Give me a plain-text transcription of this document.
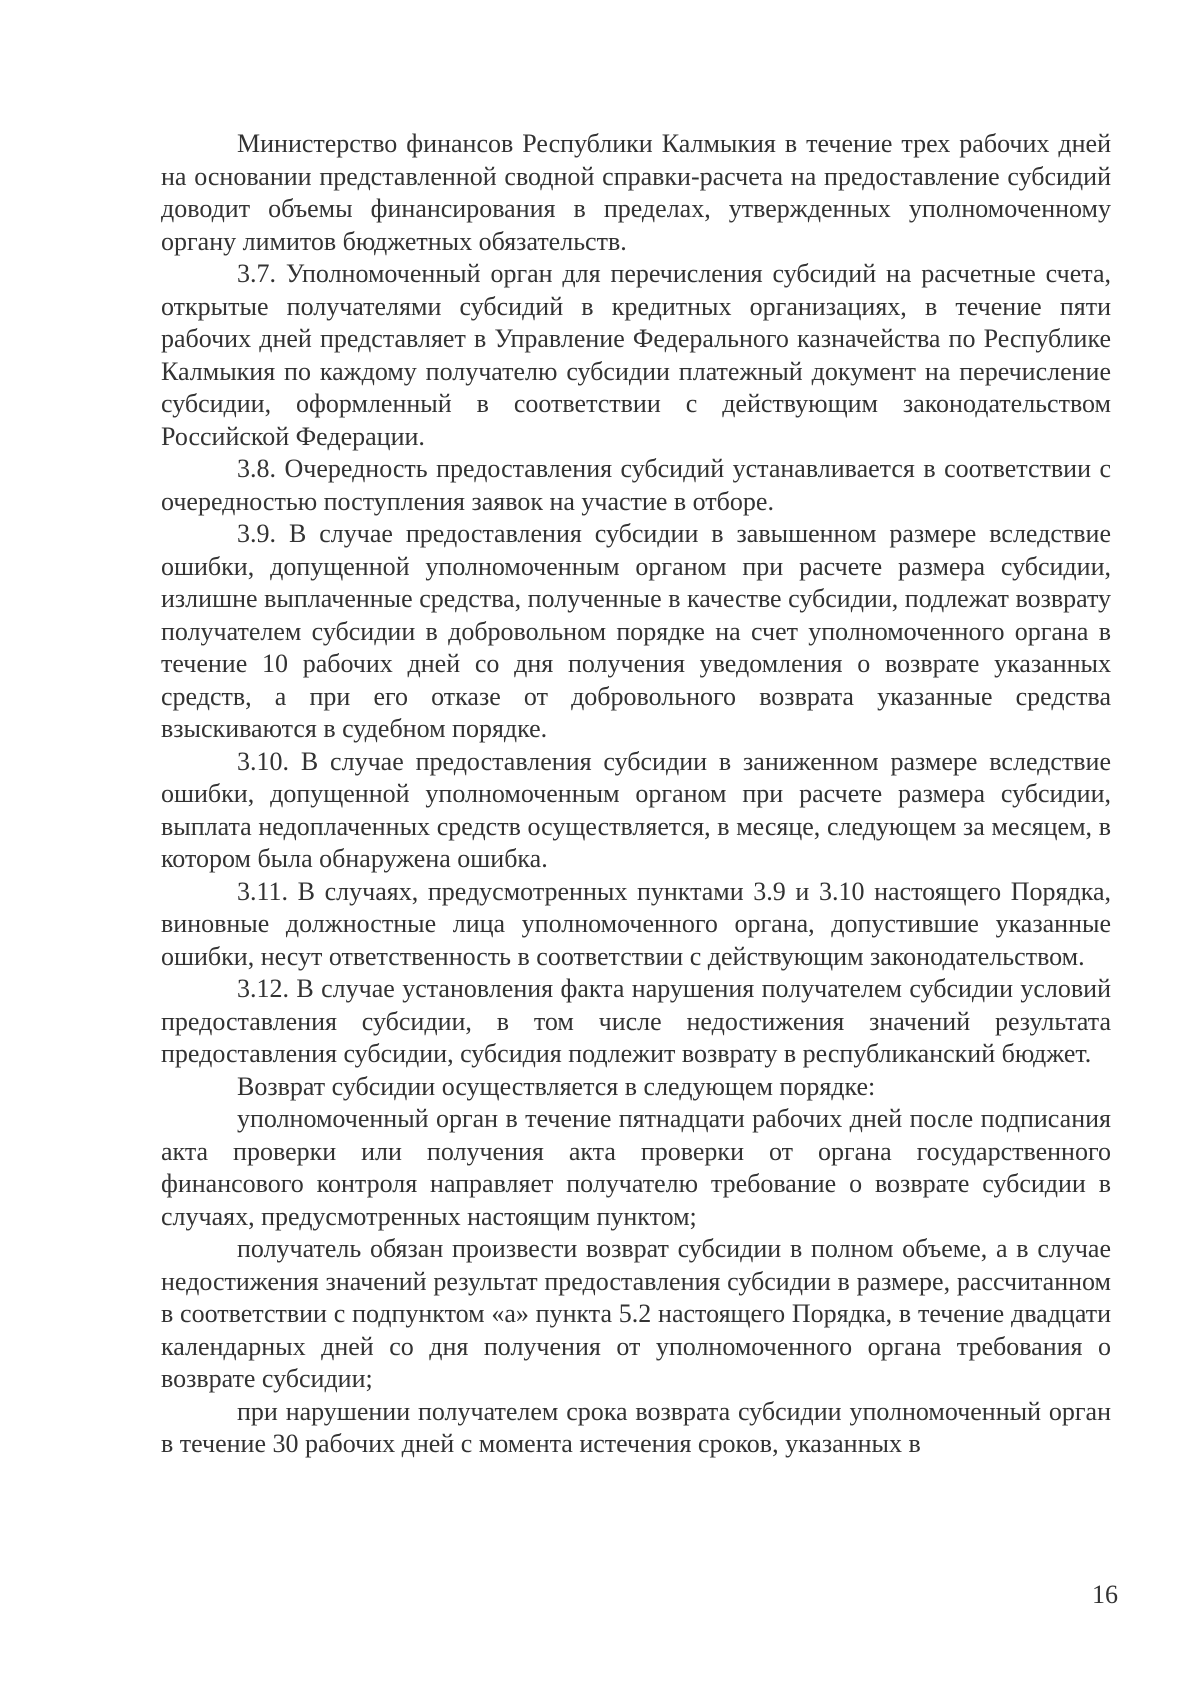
Министерство финансов Республики Калмыкия в течение трех рабочих дней на основании представленной сводной справки-расчета на предоставление субсидий доводит объемы финансирования в пределах, утвержденных уполномоченному органу лимитов бюджетных обязательств.

3.7. Уполномоченный орган для перечисления субсидий на расчетные счета, открытые получателями субсидий в кредитных организациях, в течение пяти рабочих дней представляет в Управление Федерального казначейства по Республике Калмыкия по каждому получателю субсидии платежный документ на перечисление субсидии, оформленный в соответствии с действующим законодательством Российской Федерации.

3.8. Очередность предоставления субсидий устанавливается в соответствии с очередностью поступления заявок на участие в отборе.

3.9. В случае предоставления субсидии в завышенном размере вследствие ошибки, допущенной уполномоченным органом при расчете размера субсидии, излишне выплаченные средства, полученные в качестве субсидии, подлежат возврату получателем субсидии в добровольном порядке на счет уполномоченного органа в течение 10 рабочих дней со дня получения уведомления о возврате указанных средств, а при его отказе от добровольного возврата указанные средства взыскиваются в судебном порядке.

3.10. В случае предоставления субсидии в заниженном размере вследствие ошибки, допущенной уполномоченным органом при расчете размера субсидии, выплата недоплаченных средств осуществляется, в месяце, следующем за месяцем, в котором была обнаружена ошибка.

3.11. В случаях, предусмотренных пунктами 3.9 и 3.10 настоящего Порядка, виновные должностные лица уполномоченного органа, допустившие указанные ошибки, несут ответственность в соответствии с действующим законодательством.

3.12. В случае установления факта нарушения получателем субсидии условий предоставления субсидии, в том числе недостижения значений результата предоставления субсидии, субсидия подлежит возврату в республиканский бюджет.

Возврат субсидии осуществляется в следующем порядке:

уполномоченный орган в течение пятнадцати рабочих дней после подписания акта проверки или получения акта проверки от органа государственного финансового контроля направляет получателю требование о возврате субсидии в случаях, предусмотренных настоящим пунктом;

получатель обязан произвести возврат субсидии в полном объеме, а в случае недостижения значений результат предоставления субсидии в размере, рассчитанном в соответствии с подпунктом «а» пункта 5.2 настоящего Порядка, в течение двадцати календарных дней со дня получения от уполномоченного органа требования о возврате субсидии;

при нарушении получателем срока возврата субсидии уполномоченный орган в течение 30 рабочих дней с момента истечения сроков, указанных в

16
